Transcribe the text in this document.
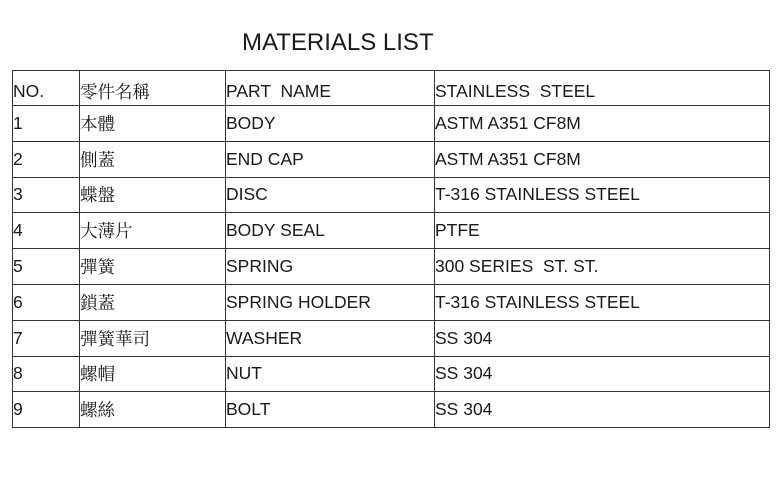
MATERIALS LIST
NO.	零件名稱	PART  NAME	STAINLESS  STEEL
1	本體	BODY	ASTM A351 CF8M
2	側蓋	END CAP	ASTM A351 CF8M
3	蝶盤	DISC	T-316 STAINLESS STEEL
4	大薄片	BODY SEAL	PTFE
5	彈簧	SPRING	300 SERIES  ST. ST.
6	鎖蓋	SPRING HOLDER	T-316 STAINLESS STEEL
7	彈簧華司	WASHER	SS 304
8	螺帽	NUT	SS 304
9	螺絲	BOLT	SS 304
